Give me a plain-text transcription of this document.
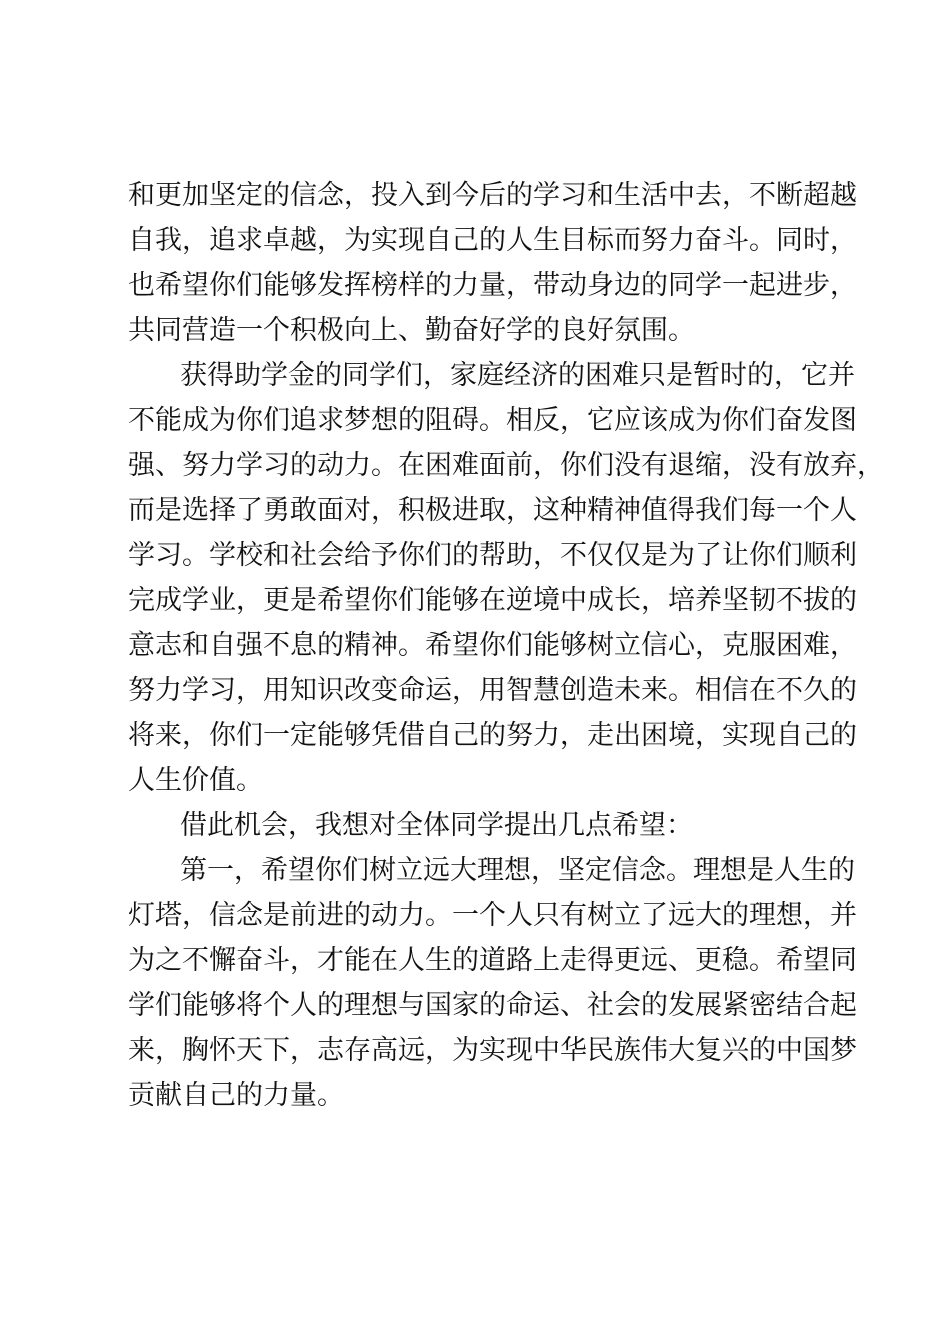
和更加坚定的信念，投入到今后的学习和生活中去，不断超越
自我，追求卓越，为实现自己的人生目标而努力奋斗。同时，
也希望你们能够发挥榜样的力量，带动身边的同学一起进步，
共同营造一个积极向上、勤奋好学的良好氛围。
获得助学金的同学们，家庭经济的困难只是暂时的，它并
不能成为你们追求梦想的阻碍。相反，它应该成为你们奋发图
强、努力学习的动力。在困难面前，你们没有退缩，没有放弃，
而是选择了勇敢面对，积极进取，这种精神值得我们每一个人
学习。学校和社会给予你们的帮助，不仅仅是为了让你们顺利
完成学业，更是希望你们能够在逆境中成长，培养坚韧不拔的
意志和自强不息的精神。希望你们能够树立信心，克服困难，
努力学习，用知识改变命运，用智慧创造未来。相信在不久的
将来，你们一定能够凭借自己的努力，走出困境，实现自己的
人生价值。
借此机会，我想对全体同学提出几点希望：
第一，希望你们树立远大理想，坚定信念。理想是人生的
灯塔，信念是前进的动力。一个人只有树立了远大的理想，并
为之不懈奋斗，才能在人生的道路上走得更远、更稳。希望同
学们能够将个人的理想与国家的命运、社会的发展紧密结合起
来，胸怀天下，志存高远，为实现中华民族伟大复兴的中国梦
贡献自己的力量。
